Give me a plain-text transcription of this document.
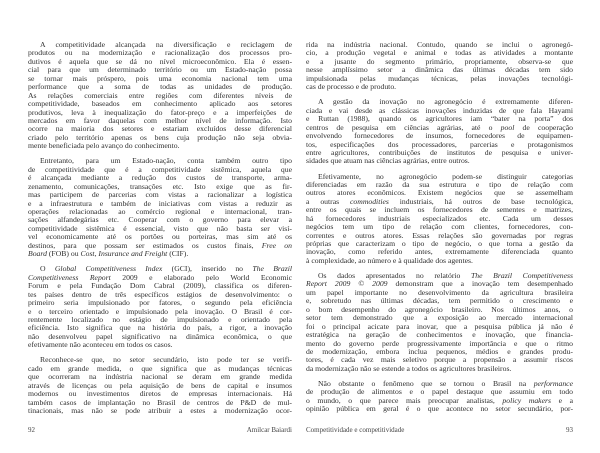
A competitividade alcançada na diversificação e reciclagem de
produtos ou na modernização e racionalização dos processos pro-
dutivos é aquela que se dá no nível microeconômico. Ela é essen-
cial para que um determinado território ou um Estado-nação possa
se tornar mais próspero, pois uma economia nacional tem uma
performance que a soma de todas as unidades de produção.
As relações comerciais entre regiões com diferentes níveis de
competitividade, baseados em conhecimento aplicado aos setores
produtivos, leva à inequalização do fator-preço e a imperfeições de
mercados em favor daquelas com melhor nível de informação. Isto
ocorre na maioria dos setores e estariam excluídos desse diferencial
criado pelo território apenas os bens cuja produção não seja obvia-
mente beneficiada pelo avanço do conhecimento.
Entretanto, para um Estado-nação, conta também outro tipo
de competitividade que é a competitividade sistêmica, aquela que
é alcançada mediante a redução dos custos de transporte, arma-
zenamento, comunicações, transações etc. Isto exige que as fir-
mas participem de parcerias com vistas a racionalizar a logística
e a infraestrutura e também de iniciativas com vistas a reduzir as
operações relacionadas ao comércio regional e internacional, tran-
sações alfandegárias etc. Cooperar com o governo para elevar a
competitividade sistêmica é essencial, visto que não basta ser visí-
vel economicamente até os portões ou porteiras, mas sim até os
destinos, para que possam ser estimados os custos finais, Free on
Board (FOB) ou Cost, Insurance and Freight (CIF).
O Global Competitiveness Index (GCI), inserido no The Brazil
Competitiveness Report 2009 e elaborado pelo World Economic
Forum e pela Fundação Dom Cabral (2009), classifica os diferen-
tes países dentro de três específicos estágios de desenvolvimento: o
primeiro seria impulsionado por fatores, o segundo pela eficiência
e o terceiro orientado e impulsionado pela inovação. O Brasil é cor-
rentemente localizado no estágio de impulsionado e orientado pela
eficiência. Isto significa que na história do país, a rigor, a inovação
não desenvolveu papel significativo na dinâmica econômica, o que
efetivamente não aconteceu em todos os casos.
Reconhece-se que, no setor secundário, isto pode ter se verifi-
cado em grande medida, o que significa que as mudanças técnicas
que ocorreram na indústria nacional se deram em grande medida
através de licenças ou pela aquisição de bens de capital e insumos
modernos ou investimentos diretos de empresas internacionais. Há
também casos de implantação no Brasil de centros de P&D de mul-
tinacionais, mas não se pode atribuir a estes a modernização ocor-
rida na indústria nacional. Contudo, quando se inclui o agronegó-
cio, a produção vegetal e animal e todas as atividades a montante
e a jusante do segmento primário, propriamente, observa-se que
nesse amplíssimo setor a dinâmica das últimas décadas tem sido
impulsionada pelas mudanças técnicas, pelas inovações tecnológi-
cas de processo e de produto.
A gestão da inovação no agronegócio é extremamente diferen-
ciada e vai desde as clássicas inovações induzidas de que fala Hayami
e Ruttan (1988), quando os agricultores iam “bater na porta” dos
centros de pesquisa em ciências agrárias, até o pool de cooperação
envolvendo fornecedores de insumos, fornecedores de equipamen-
tos, especificações dos processadores, parcerias e protagonismos
entre agricultores, contribuições de institutos de pesquisa e univer-
sidades que atuam nas ciências agrárias, entre outros.
Efetivamente, no agronegócio podem-se distinguir categorias
diferenciadas em razão da sua estrutura e tipo de relação com
outros atores econômicos. Existem negócios que se assemelham
a outras commodities industriais, há outros de base tecnológica,
entre os quais se incluem os fornecedores de sementes e matrizes,
há fornecedores industriais especializados etc. Cada um desses
negócios tem um tipo de relação com clientes, fornecedores, con-
correntes e outros atores. Essas relações são governadas por regras
próprias que caracterizam o tipo de negócio, o que torna a gestão da
inovação, como referido antes, extremamente diferenciada quanto
à complexidade, ao número e à qualidade dos agentes.
Os dados apresentados no relatório The Brazil Competitiveness
Report 2009 © 2009 demonstram que a inovação tem desempenhado
um papel importante no desenvolvimento da agricultura brasileira
e, sobretudo nas últimas décadas, tem permitido o crescimento e
o bom desempenho do agronegócio brasileiro. Nos últimos anos, o
setor tem demonstrado que a exposição ao mercado internacional
foi o principal acicate para inovar, que a pesquisa pública já não é
estratégica na geração de conhecimentos e inovação, que financia-
mento do governo perde progressivamente importância e que o ritmo
de modernização, embora inclua pequenos, médios e grandes produ-
tores, é cada vez mais seletivo porque a propensão a assumir riscos
da modernização não se estende a todos os agricultores brasileiros.
Não obstante o fenômeno que se tornou o Brasil na performance
de produção de alimentos e o papel destaque que assumiu em todo
o mundo, o que parece mais preocupar analistas, policy makers e a
opinião pública em geral é o que acontece no setor secundário, por-
92	Amilcar Baiardi Competitividade e competitividade	93
